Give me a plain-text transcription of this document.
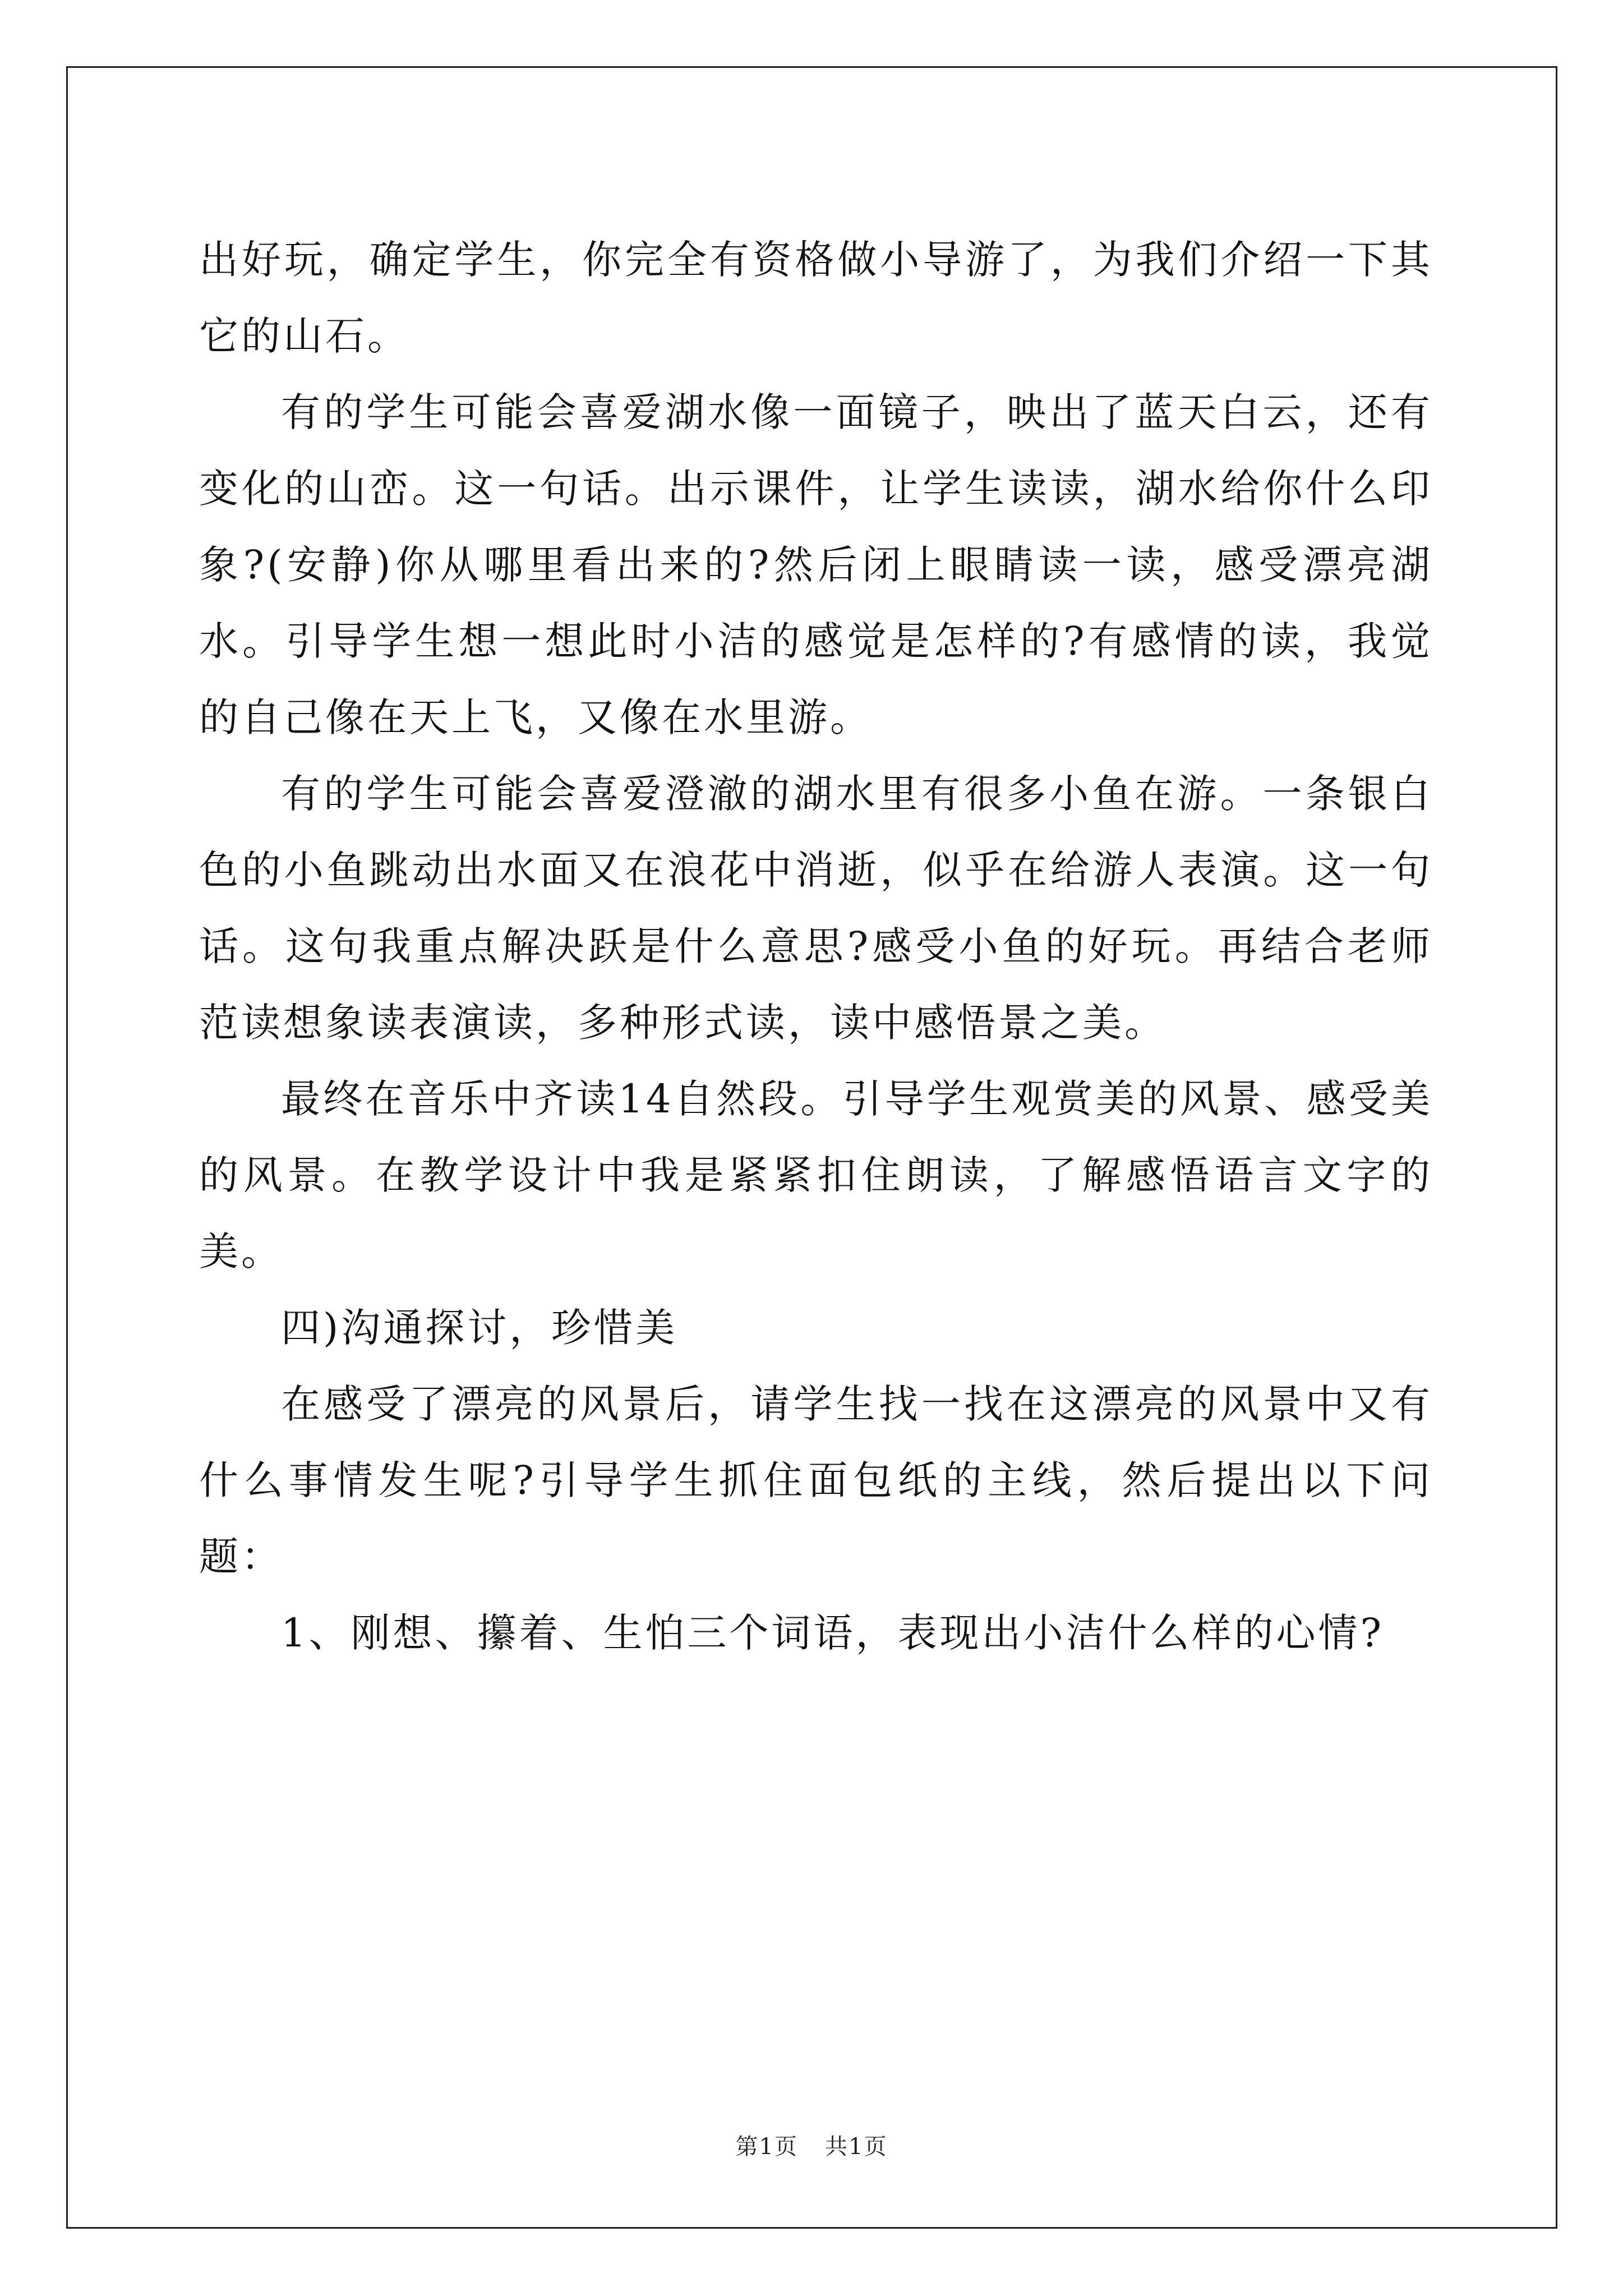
出好玩，确定学生，你完全有资格做小导游了，为我们介绍一下其它的山石。

有的学生可能会喜爱湖水像一面镜子，映出了蓝天白云，还有变化的山峦。这一句话。出示课件，让学生读读，湖水给你什么印象?(安静)你从哪里看出来的?然后闭上眼睛读一读，感受漂亮湖水。引导学生想一想此时小洁的感觉是怎样的?有感情的读，我觉的自己像在天上飞，又像在水里游。

有的学生可能会喜爱澄澈的湖水里有很多小鱼在游。一条银白色的小鱼跳动出水面又在浪花中消逝，似乎在给游人表演。这一句话。这句我重点解决跃是什么意思?感受小鱼的好玩。再结合老师范读想象读表演读，多种形式读，读中感悟景之美。

最终在音乐中齐读14自然段。引导学生观赏美的风景、感受美的风景。在教学设计中我是紧紧扣住朗读，了解感悟语言文字的美。

四)沟通探讨，珍惜美

在感受了漂亮的风景后，请学生找一找在这漂亮的风景中又有什么事情发生呢?引导学生抓住面包纸的主线，然后提出以下问题：

1、刚想、攥着、生怕三个词语，表现出小洁什么样的心情?

第1页 共1页
